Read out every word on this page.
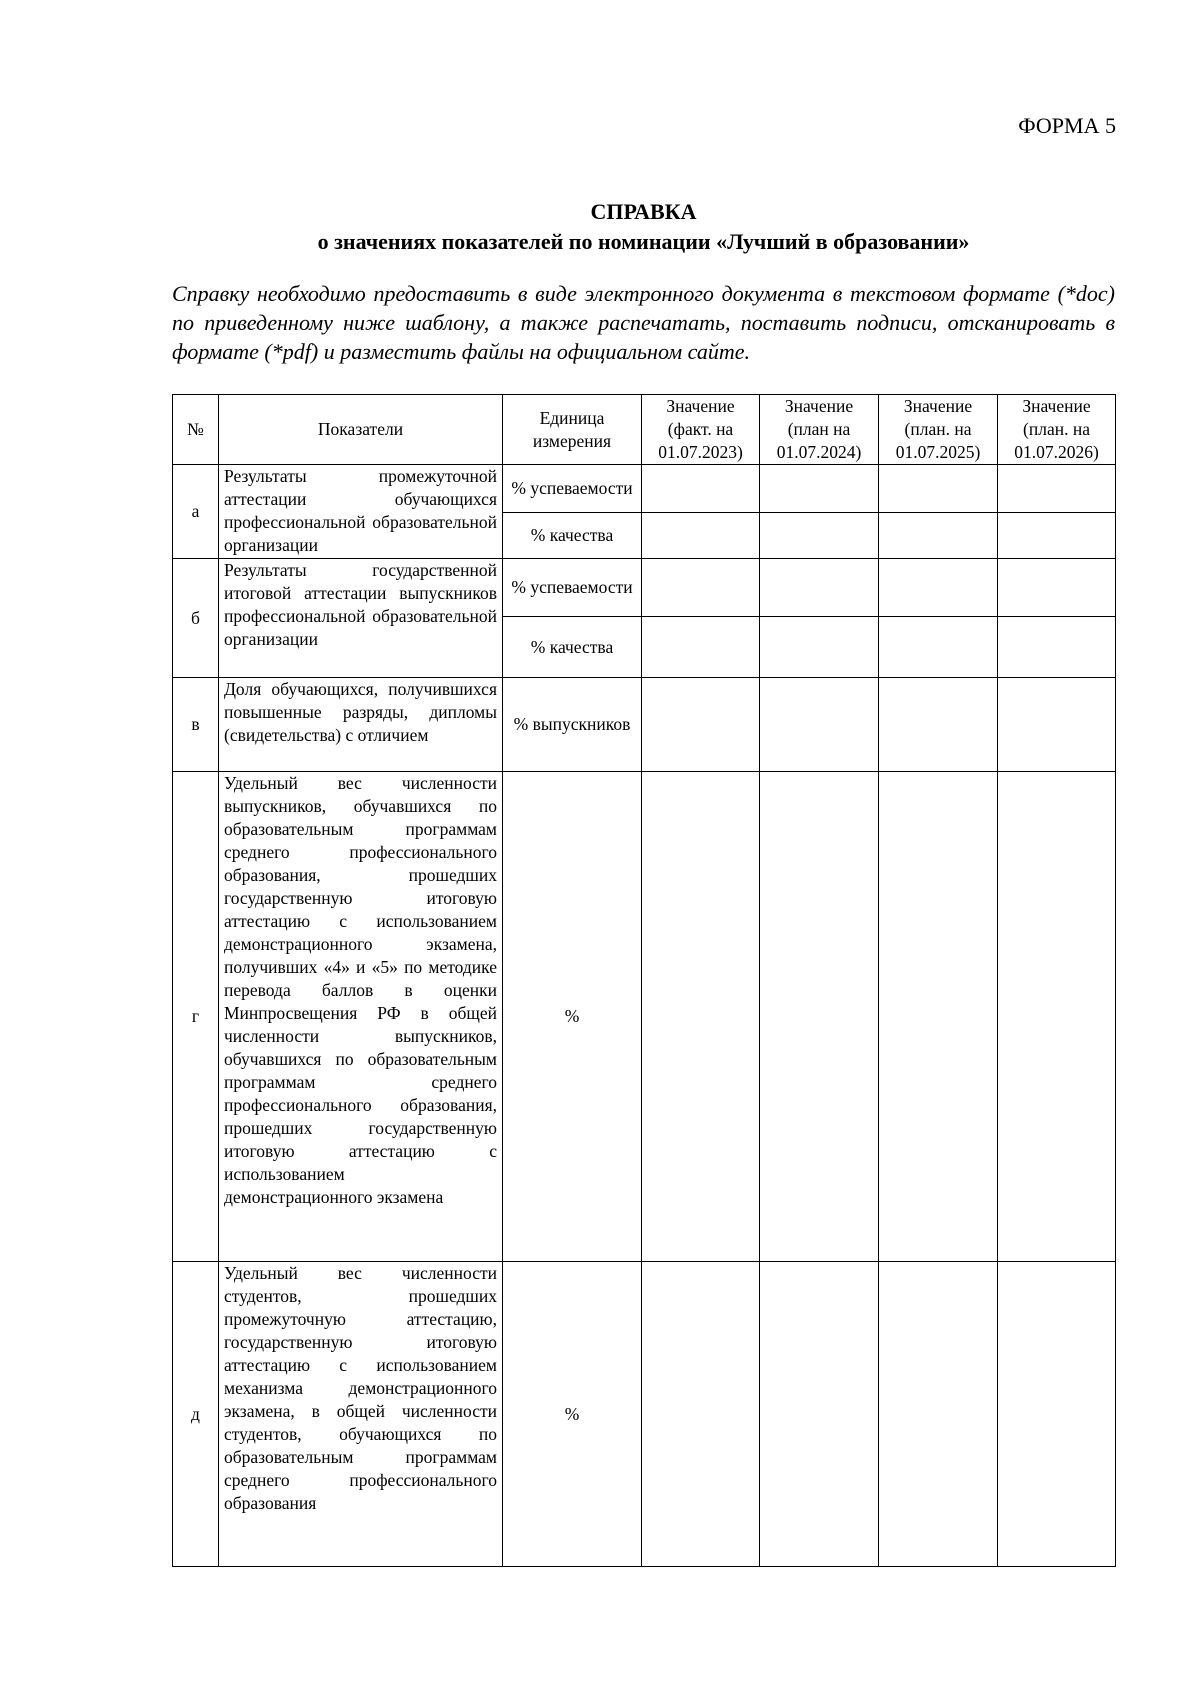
ФОРМА 5
СПРАВКА
о значениях показателей по номинации «Лучший в образовании»
Справку необходимо предоставить в виде электронного документа в текстовом формате (*doc) по приведенному ниже шаблону, а также распечатать, поставить подписи, отсканировать в формате (*pdf) и разместить файлы на официальном сайте.
№	Показатели	Единица измерения	Значение (факт. на 01.07.2023)	Значение (план на 01.07.2024)	Значение (план. на 01.07.2025)	Значение (план. на 01.07.2026)
а	Результаты промежуточной аттестации обучающихся профессиональной образовательной организации	% успеваемости				
		% качества				
б	Результаты государственной итоговой аттестации выпускников профессиональной образовательной организации	% успеваемости				
		% качества				
в	Доля обучающихся, получившихся повышенные разряды, дипломы (свидетельства) с отличием	% выпускников				
г	Удельный вес численности выпускников, обучавшихся по образовательным программам среднего профессионального образования, прошедших государственную итоговую аттестацию с использованием демонстрационного экзамена, получивших «4» и «5» по методике перевода баллов в оценки Минпросвещения РФ в общей численности выпускников, обучавшихся по образовательным программам среднего профессионального образования, прошедших государственную итоговую аттестацию с использованием демонстрационного экзамена	%				
д	Удельный вес численности студентов, прошедших промежуточную аттестацию, государственную итоговую аттестацию с использованием механизма демонстрационного экзамена, в общей численности студентов, обучающихся по образовательным программам среднего профессионального образования	%				
